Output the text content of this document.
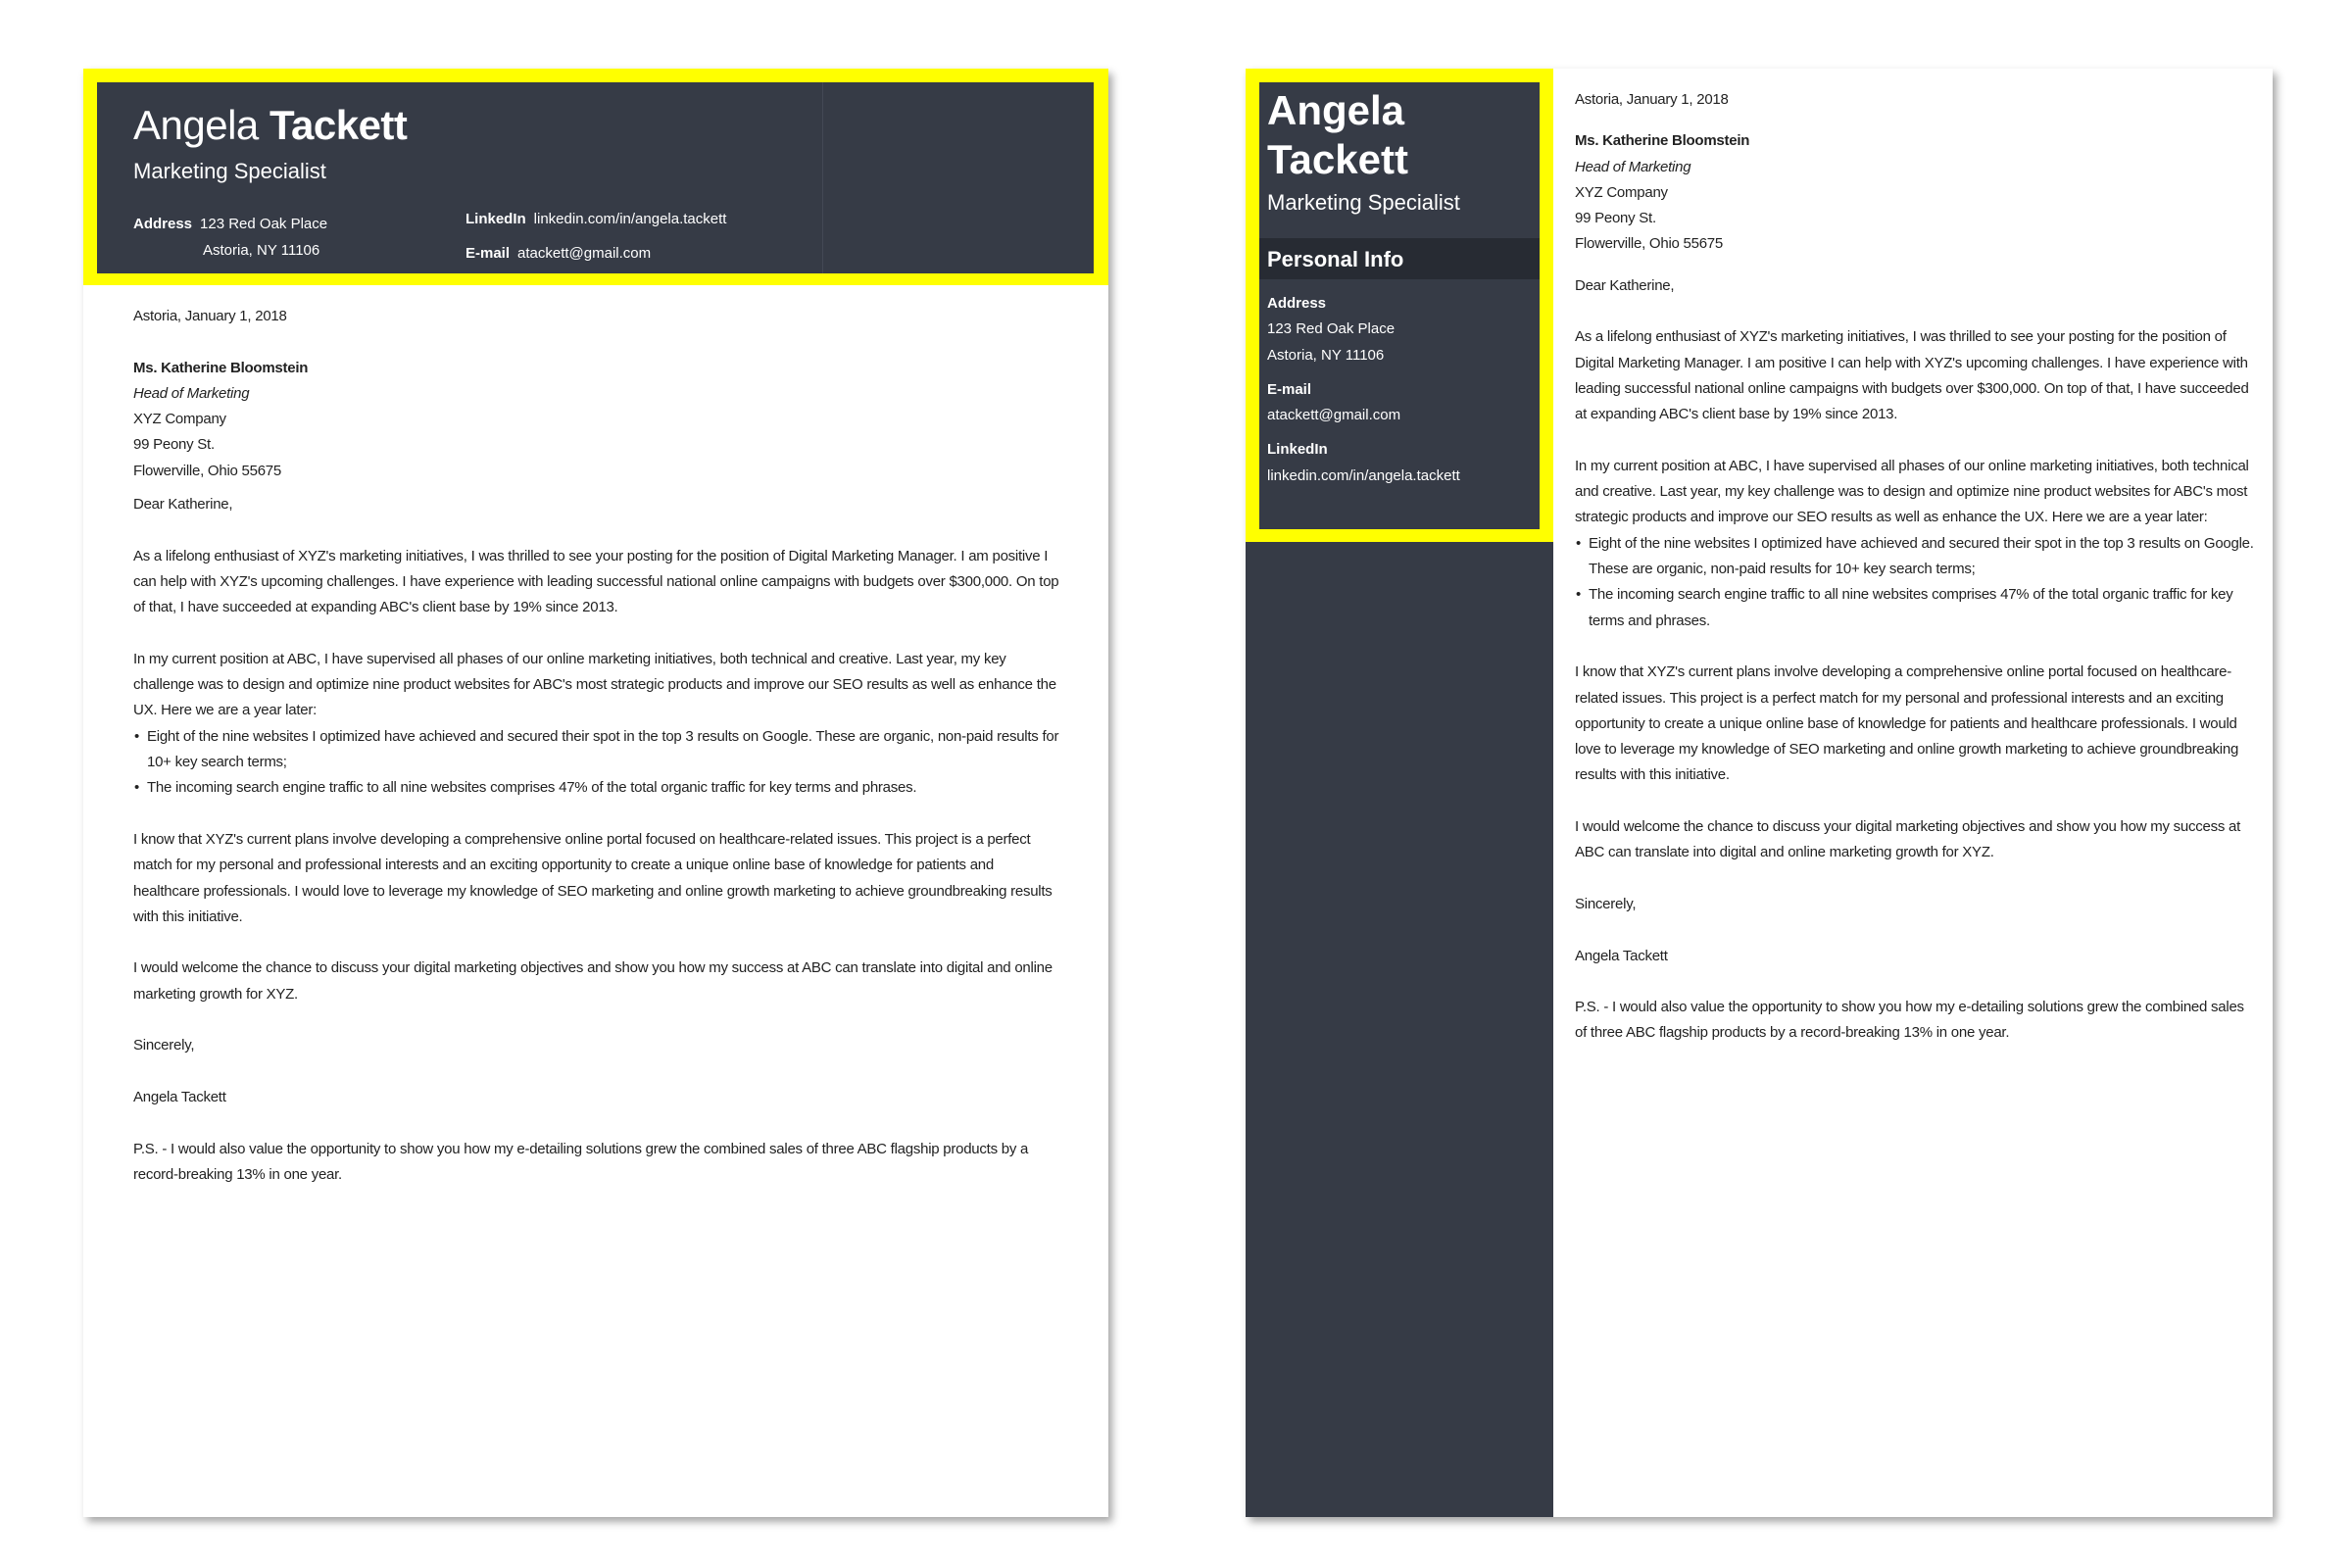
Angela Tackett
Marketing Specialist
Address 123 Red Oak Place
Astoria, NY 11106
LinkedIn linkedin.com/in/angela.tackett
E-mail atackett@gmail.com

Astoria, January 1, 2018

Ms. Katherine Bloomstein

Head of Marketing

XYZ Company

99 Peony St.

Flowerville, Ohio 55675

Dear Katherine,

As a lifelong enthusiast of XYZ's marketing initiatives, I was thrilled to see your posting for the position of Digital Marketing Manager. I am positive I can help with XYZ's upcoming challenges. I have experience with leading successful national online campaigns with budgets over $300,000. On top of that, I have succeeded at expanding ABC's client base by 19% since 2013.

In my current position at ABC, I have supervised all phases of our online marketing initiatives, both technical and creative. Last year, my key challenge was to design and optimize nine product websites for ABC's most strategic products and improve our SEO results as well as enhance the UX. Here we are a year later:

• Eight of the nine websites I optimized have achieved and secured their spot in the top 3 results on Google. These are organic, non-paid results for 10+ key search terms;
• The incoming search engine traffic to all nine websites comprises 47% of the total organic traffic for key terms and phrases.

I know that XYZ's current plans involve developing a comprehensive online portal focused on healthcare-related issues. This project is a perfect match for my personal and professional interests and an exciting opportunity to create a unique online base of knowledge for patients and healthcare professionals. I would love to leverage my knowledge of SEO marketing and online growth marketing to achieve groundbreaking results with this initiative.

I would welcome the chance to discuss your digital marketing objectives and show you how my success at ABC can translate into digital and online marketing growth for XYZ.

Sincerely,

Angela Tackett

P.S. - I would also value the opportunity to show you how my e-detailing solutions grew the combined sales of three ABC flagship products by a record-breaking 13% in one year.

Angela
Tackett
Marketing Specialist
Personal Info
Address
123 Red Oak Place
Astoria, NY 11106
E-mail
atackett@gmail.com
LinkedIn
linkedin.com/in/angela.tackett

Astoria, January 1, 2018

Ms. Katherine Bloomstein

Head of Marketing

XYZ Company

99 Peony St.

Flowerville, Ohio 55675

Dear Katherine,

As a lifelong enthusiast of XYZ's marketing initiatives, I was thrilled to see your posting for the position of Digital Marketing Manager. I am positive I can help with XYZ's upcoming challenges. I have experience with leading successful national online campaigns with budgets over $300,000. On top of that, I have succeeded at expanding ABC's client base by 19% since 2013.

In my current position at ABC, I have supervised all phases of our online marketing initiatives, both technical and creative. Last year, my key challenge was to design and optimize nine product websites for ABC's most strategic products and improve our SEO results as well as enhance the UX. Here we are a year later:

• Eight of the nine websites I optimized have achieved and secured their spot in the top 3 results on Google. These are organic, non-paid results for 10+ key search terms;
• The incoming search engine traffic to all nine websites comprises 47% of the total organic traffic for key terms and phrases.

I know that XYZ's current plans involve developing a comprehensive online portal focused on healthcare-related issues. This project is a perfect match for my personal and professional interests and an exciting opportunity to create a unique online base of knowledge for patients and healthcare professionals. I would love to leverage my knowledge of SEO marketing and online growth marketing to achieve groundbreaking results with this initiative.

I would welcome the chance to discuss your digital marketing objectives and show you how my success at ABC can translate into digital and online marketing growth for XYZ.

Sincerely,

Angela Tackett

P.S. - I would also value the opportunity to show you how my e-detailing solutions grew the combined sales of three ABC flagship products by a record-breaking 13% in one year.
